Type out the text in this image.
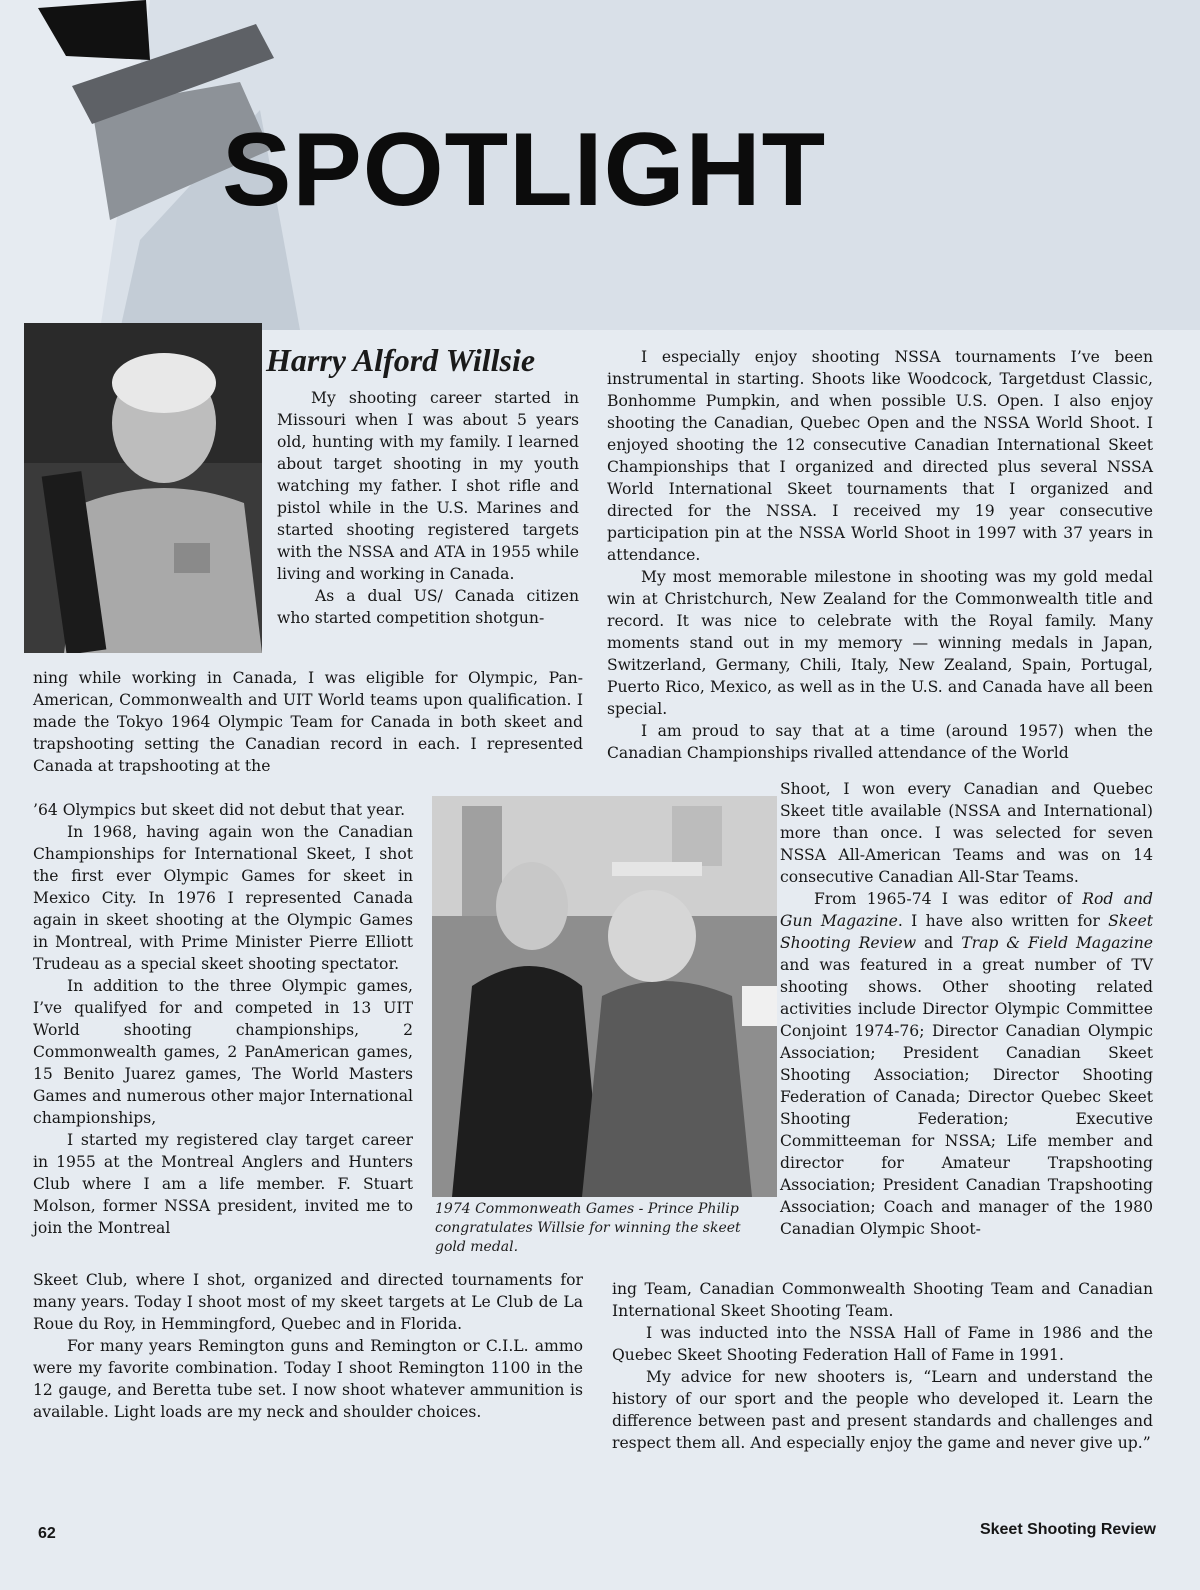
SPOTLIGHT
Harry Alford Willsie

My shooting career started in Missouri when I was about 5 years old, hunting with my family. I learned about target shooting in my youth watching my father. I shot rifle and pistol while in the U.S. Marines and started shooting registered targets with the NSSA and ATA in 1955 while living and working in Canada.

As a dual US/ Canada citizen who started competition shotgun-

ning while working in Canada, I was eligible for Olympic, Pan-American, Commonwealth and UIT World teams upon qualification. I made the Tokyo 1964 Olympic Team for Canada in both skeet and trapshooting setting the Canadian record in each. I represented Canada at trapshooting at the

’64 Olympics but skeet did not debut that year.

In 1968, having again won the Canadian Championships for International Skeet, I shot the first ever Olympic Games for skeet in Mexico City. In 1976 I represented Canada again in skeet shooting at the Olympic Games in Montreal, with Prime Minister Pierre Elliott Trudeau as a special skeet shooting spectator.

In addition to the three Olympic games, I’ve qualifyed for and competed in 13 UIT World shooting championships, 2 Commonwealth games, 2 PanAmerican games, 15 Benito Juarez games, The World Masters Games and numerous other major International championships,

I started my registered clay target career in 1955 at the Montreal Anglers and Hunters Club where I am a life member. F. Stuart Molson, former NSSA president, invited me to join the Montreal

1974 Commonweath Games - Prince Philip congratulates Willsie for winning the skeet gold medal.

Skeet Club, where I shot, organized and directed tournaments for many years. Today I shoot most of my skeet targets at Le Club de La Roue du Roy, in Hemmingford, Quebec and in Florida.

For many years Remington guns and Remington or C.I.L. ammo were my favorite combination. Today I shoot Remington 1100 in the 12 gauge, and Beretta tube set. I now shoot whatever ammunition is available. Light loads are my neck and shoulder choices.

I especially enjoy shooting NSSA tournaments I’ve been instrumental in starting. Shoots like Woodcock, Targetdust Classic, Bonhomme Pumpkin, and when possible U.S. Open. I also enjoy shooting the Canadian, Quebec Open and the NSSA World Shoot. I enjoyed shooting the 12 consecutive Canadian International Skeet Championships that I organized and directed plus several NSSA World International Skeet tournaments that I organized and directed for the NSSA. I received my 19 year consecutive participation pin at the NSSA World Shoot in 1997 with 37 years in attendance.

My most memorable milestone in shooting was my gold medal win at Christchurch, New Zealand for the Commonwealth title and record. It was nice to celebrate with the Royal family. Many moments stand out in my memory — winning medals in Japan, Switzerland, Germany, Chili, Italy, New Zealand, Spain, Portugal, Puerto Rico, Mexico, as well as in the U.S. and Canada have all been special.

I am proud to say that at a time (around 1957) when the Canadian Championships rivalled attendance of the World

Shoot, I won every Canadian and Quebec Skeet title available (NSSA and International) more than once. I was selected for seven NSSA All-American Teams and was on 14 consecutive Canadian All-Star Teams.

From 1965-74 I was editor of Rod and Gun Magazine. I have also written for Skeet Shooting Review and Trap & Field Magazine and was featured in a great number of TV shooting shows. Other shooting related activities include Director Olympic Committee Conjoint 1974-76; Director Canadian Olympic Association; President Canadian Skeet Shooting Association; Director Shooting Federation of Canada; Director Quebec Skeet Shooting Federation; Executive Committeeman for NSSA; Life member and director for Amateur Trapshooting Association; President Canadian Trapshooting Association; Coach and manager of the 1980 Canadian Olympic Shoot-

ing Team, Canadian Commonwealth Shooting Team and Canadian International Skeet Shooting Team.

I was inducted into the NSSA Hall of Fame in 1986 and the Quebec Skeet Shooting Federation Hall of Fame in 1991.

My advice for new shooters is, “Learn and understand the history of our sport and the people who developed it. Learn the difference between past and present standards and challenges and respect them all. And especially enjoy the game and never give up.”

62	Skeet Shooting Review
